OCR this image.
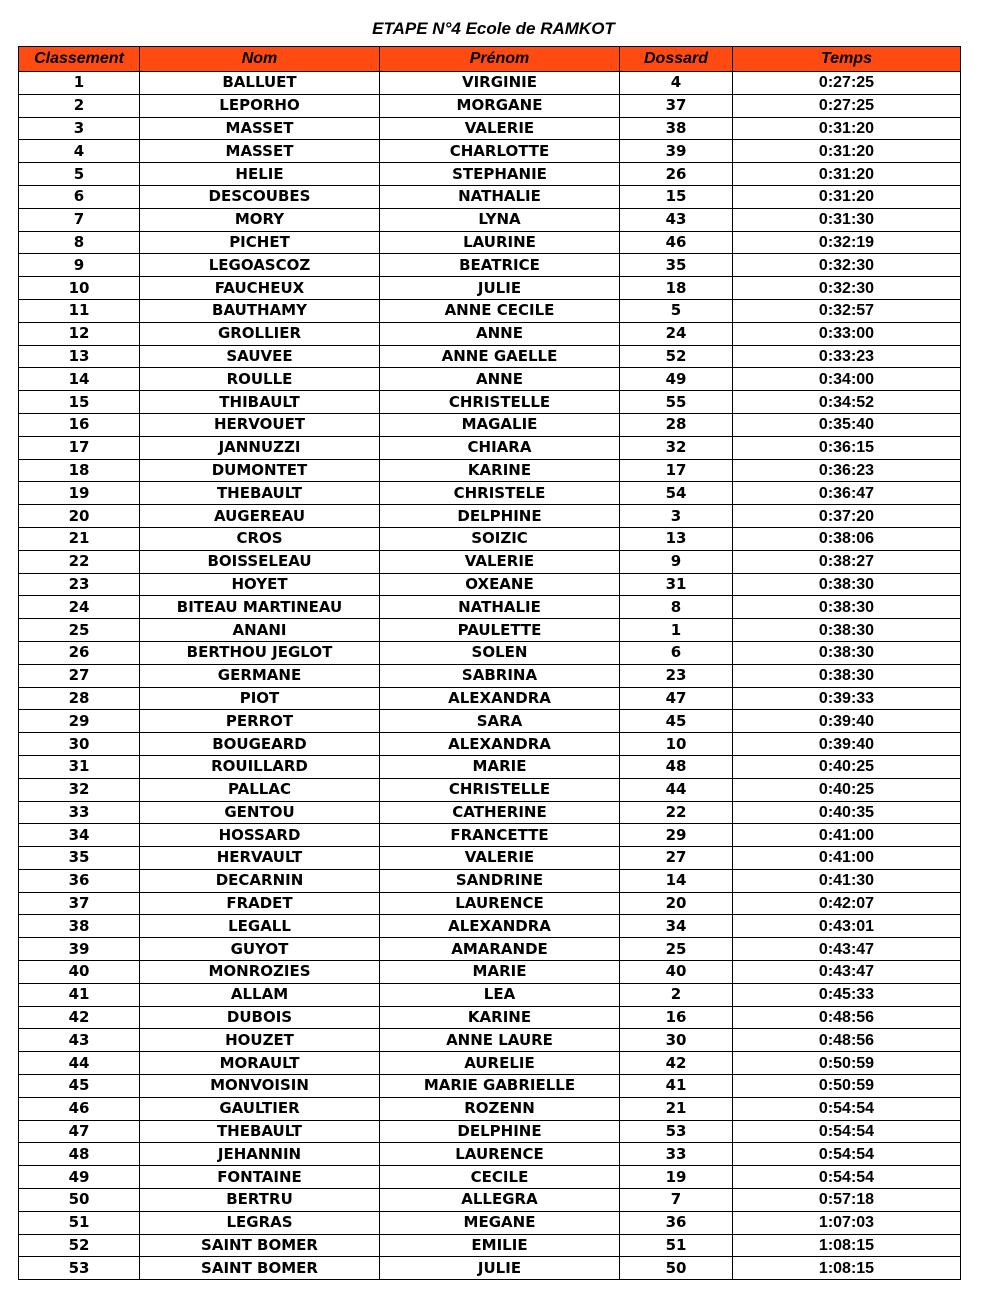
ETAPE N°4 Ecole de RAMKOT
Classement	Nom	Prénom	Dossard	Temps
1	BALLUET	VIRGINIE	4	0:27:25
2	LEPORHO	MORGANE	37	0:27:25
3	MASSET	VALERIE	38	0:31:20
4	MASSET	CHARLOTTE	39	0:31:20
5	HELIE	STEPHANIE	26	0:31:20
6	DESCOUBES	NATHALIE	15	0:31:20
7	MORY	LYNA	43	0:31:30
8	PICHET	LAURINE	46	0:32:19
9	LEGOASCOZ	BEATRICE	35	0:32:30
10	FAUCHEUX	JULIE	18	0:32:30
11	BAUTHAMY	ANNE CECILE	5	0:32:57
12	GROLLIER	ANNE	24	0:33:00
13	SAUVEE	ANNE GAELLE	52	0:33:23
14	ROULLE	ANNE	49	0:34:00
15	THIBAULT	CHRISTELLE	55	0:34:52
16	HERVOUET	MAGALIE	28	0:35:40
17	JANNUZZI	CHIARA	32	0:36:15
18	DUMONTET	KARINE	17	0:36:23
19	THEBAULT	CHRISTELE	54	0:36:47
20	AUGEREAU	DELPHINE	3	0:37:20
21	CROS	SOIZIC	13	0:38:06
22	BOISSELEAU	VALERIE	9	0:38:27
23	HOYET	OXEANE	31	0:38:30
24	BITEAU MARTINEAU	NATHALIE	8	0:38:30
25	ANANI	PAULETTE	1	0:38:30
26	BERTHOU JEGLOT	SOLEN	6	0:38:30
27	GERMANE	SABRINA	23	0:38:30
28	PIOT	ALEXANDRA	47	0:39:33
29	PERROT	SARA	45	0:39:40
30	BOUGEARD	ALEXANDRA	10	0:39:40
31	ROUILLARD	MARIE	48	0:40:25
32	PALLAC	CHRISTELLE	44	0:40:25
33	GENTOU	CATHERINE	22	0:40:35
34	HOSSARD	FRANCETTE	29	0:41:00
35	HERVAULT	VALERIE	27	0:41:00
36	DECARNIN	SANDRINE	14	0:41:30
37	FRADET	LAURENCE	20	0:42:07
38	LEGALL	ALEXANDRA	34	0:43:01
39	GUYOT	AMARANDE	25	0:43:47
40	MONROZIES	MARIE	40	0:43:47
41	ALLAM	LEA	2	0:45:33
42	DUBOIS	KARINE	16	0:48:56
43	HOUZET	ANNE LAURE	30	0:48:56
44	MORAULT	AURELIE	42	0:50:59
45	MONVOISIN	MARIE GABRIELLE	41	0:50:59
46	GAULTIER	ROZENN	21	0:54:54
47	THEBAULT	DELPHINE	53	0:54:54
48	JEHANNIN	LAURENCE	33	0:54:54
49	FONTAINE	CECILE	19	0:54:54
50	BERTRU	ALLEGRA	7	0:57:18
51	LEGRAS	MEGANE	36	1:07:03
52	SAINT BOMER	EMILIE	51	1:08:15
53	SAINT BOMER	JULIE	50	1:08:15
